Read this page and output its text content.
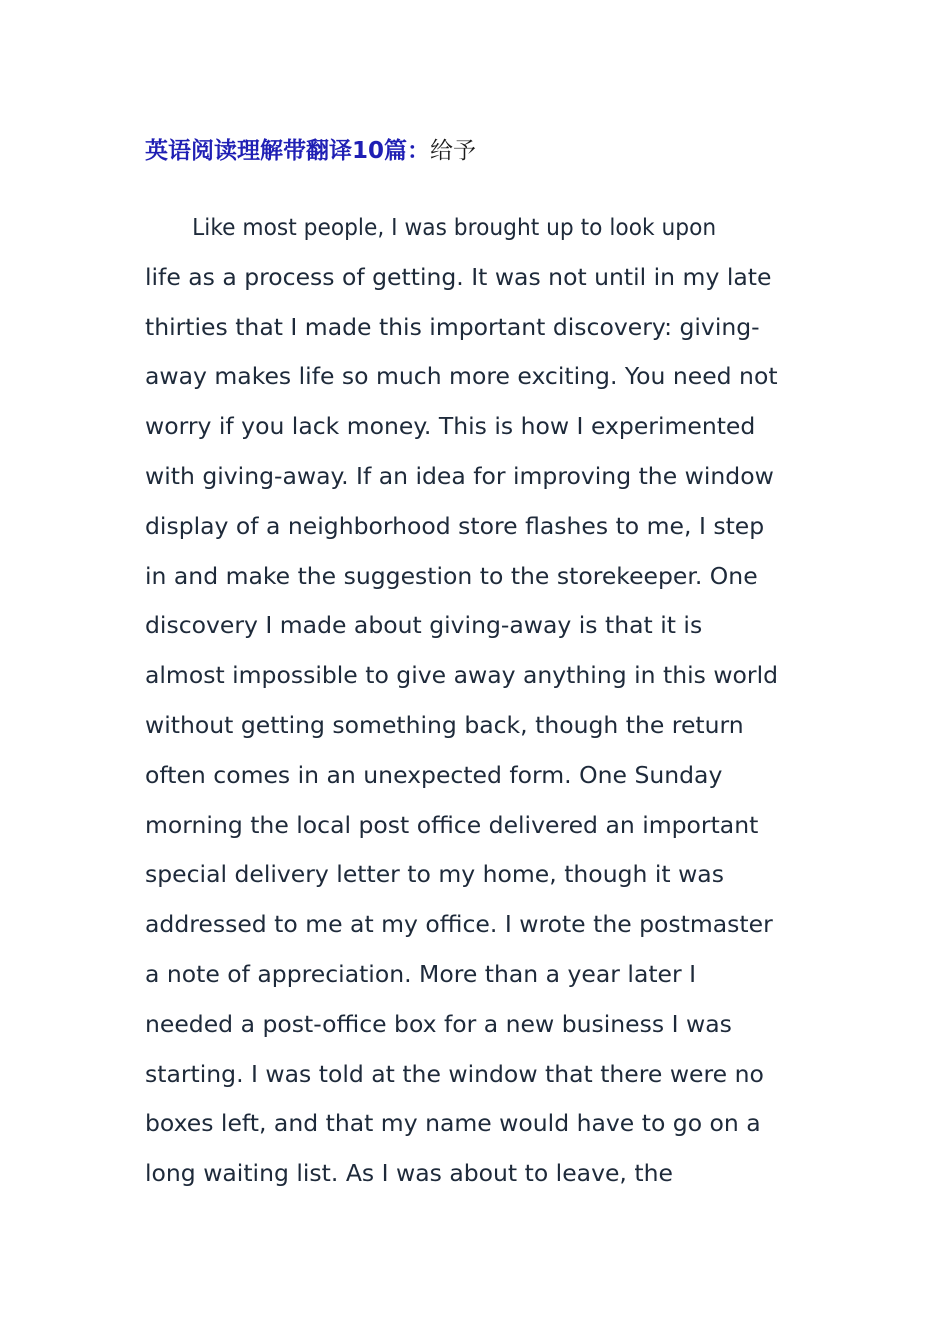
英语阅读理解带翻译10篇：给予
Like most people, I was brought up to look upon
life as a process of getting. It was not until in my late
thirties that I made this important discovery: giving-
away makes life so much more exciting. You need not
worry if you lack money. This is how I experimented
with giving-away. If an idea for improving the window
display of a neighborhood store flashes to me, I step
in and make the suggestion to the storekeeper. One
discovery I made about giving-away is that it is
almost impossible to give away anything in this world
without getting something back, though the return
often comes in an unexpected form. One Sunday
morning the local post office delivered an important
special delivery letter to my home, though it was
addressed to me at my office. I wrote the postmaster
a note of appreciation. More than a year later I
needed a post-office box for a new business I was
starting. I was told at the window that there were no
boxes left, and that my name would have to go on a
long waiting list. As I was about to leave, the
